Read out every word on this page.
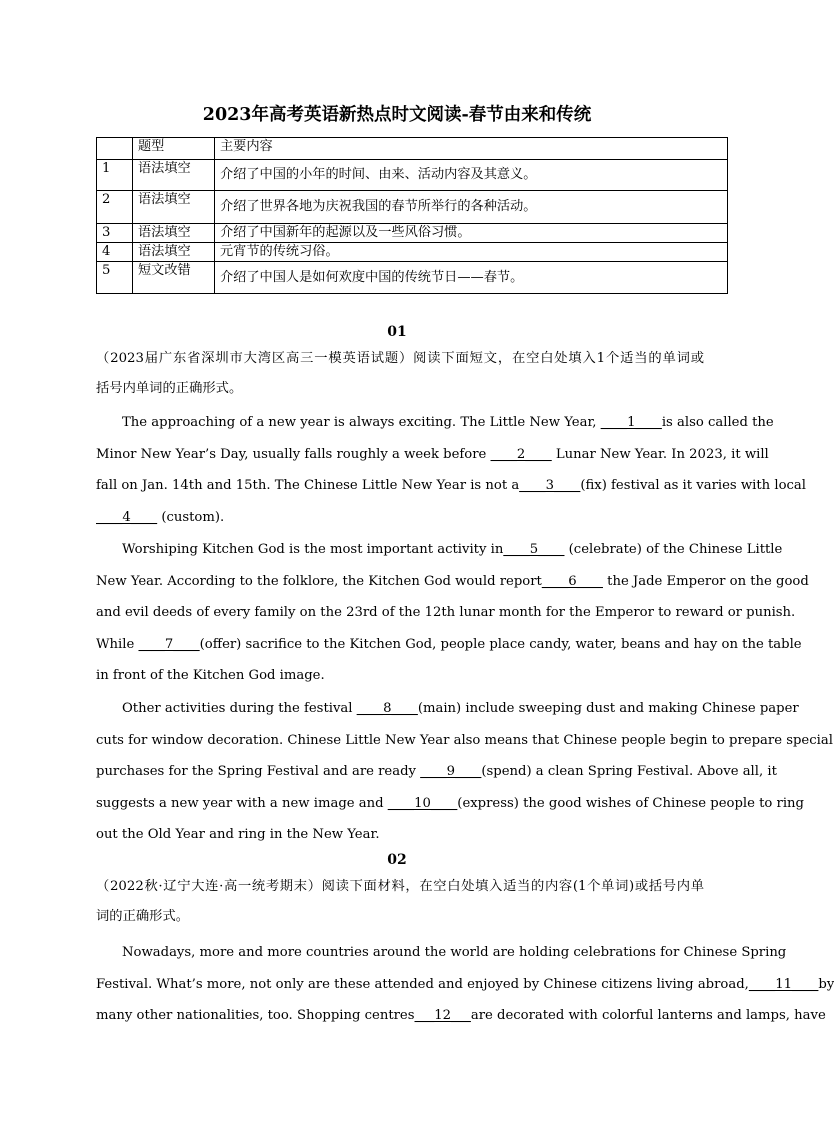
2023年高考英语新热点时文阅读-春节由来和传统
	题型	主要内容
1	语法填空	介绍了中国的小年的时间、由来、活动内容及其意义。
2	语法填空	介绍了世界各地为庆祝我国的春节所举行的各种活动。
3	语法填空	介绍了中国新年的起源以及一些风俗习惯。
4	语法填空	元宵节的传统习俗。
5	短文改错	介绍了中国人是如何欢度中国的传统节日——春节。
01
（2023届广东省深圳市大湾区高三一模英语试题）阅读下面短文，在空白处填入1个适当的单词或
括号内单词的正确形式。
The approaching of a new year is always exciting. The Little New Year, ____1____is also called the
Minor New Year’s Day, usually falls roughly a week before ____2____ Lunar New Year. In 2023, it will
fall on Jan. 14th and 15th. The Chinese Little New Year is not a____3____(fix) festival as it varies with local
____4____ (custom).
Worshiping Kitchen God is the most important activity in____5____ (celebrate) of the Chinese Little
New Year. According to the folklore, the Kitchen God would report____6____ the Jade Emperor on the good
and evil deeds of every family on the 23rd of the 12th lunar month for the Emperor to reward or punish.
While ____7____(offer) sacrifice to the Kitchen God, people place candy, water, beans and hay on the table
in front of the Kitchen God image.
Other activities during the festival ____8____(main) include sweeping dust and making Chinese paper
cuts for window decoration. Chinese Little New Year also means that Chinese people begin to prepare special
purchases for the Spring Festival and are ready ____9____(spend) a clean Spring Festival. Above all, it
suggests a new year with a new image and ____10____(express) the good wishes of Chinese people to ring
out the Old Year and ring in the New Year.
02
（2022秋·辽宁大连·高一统考期末）阅读下面材料，在空白处填入适当的内容(1个单词)或括号内单
词的正确形式。
Nowadays, more and more countries around the world are holding celebrations for Chinese Spring
Festival. What’s more, not only are these attended and enjoyed by Chinese citizens living abroad,____11____by
many other nationalities, too. Shopping centres___12___are decorated with colorful lanterns and lamps, have
